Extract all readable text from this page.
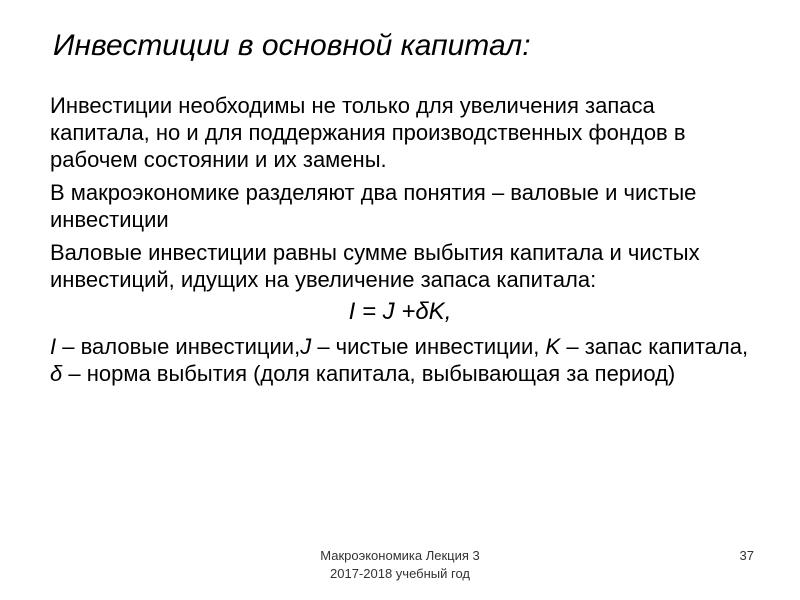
Инвестиции в основной капитал:

Инвестиции необходимы не только для увеличения запаса капитала, но и для поддержания производственных фондов в рабочем состоянии и их замены.

В макроэкономике разделяют два понятия – валовые и чистые инвестиции

Валовые инвестиции равны сумме выбытия капитала и чистых инвестиций, идущих на увеличение запаса капитала:

I = J +δK,

I – валовые инвестиции,J – чистые инвестиции, K – запас капитала, δ – норма выбытия (доля капитала, выбывающая за период)

Макроэкономика Лекция 3
2017-2018 учебный год
37
